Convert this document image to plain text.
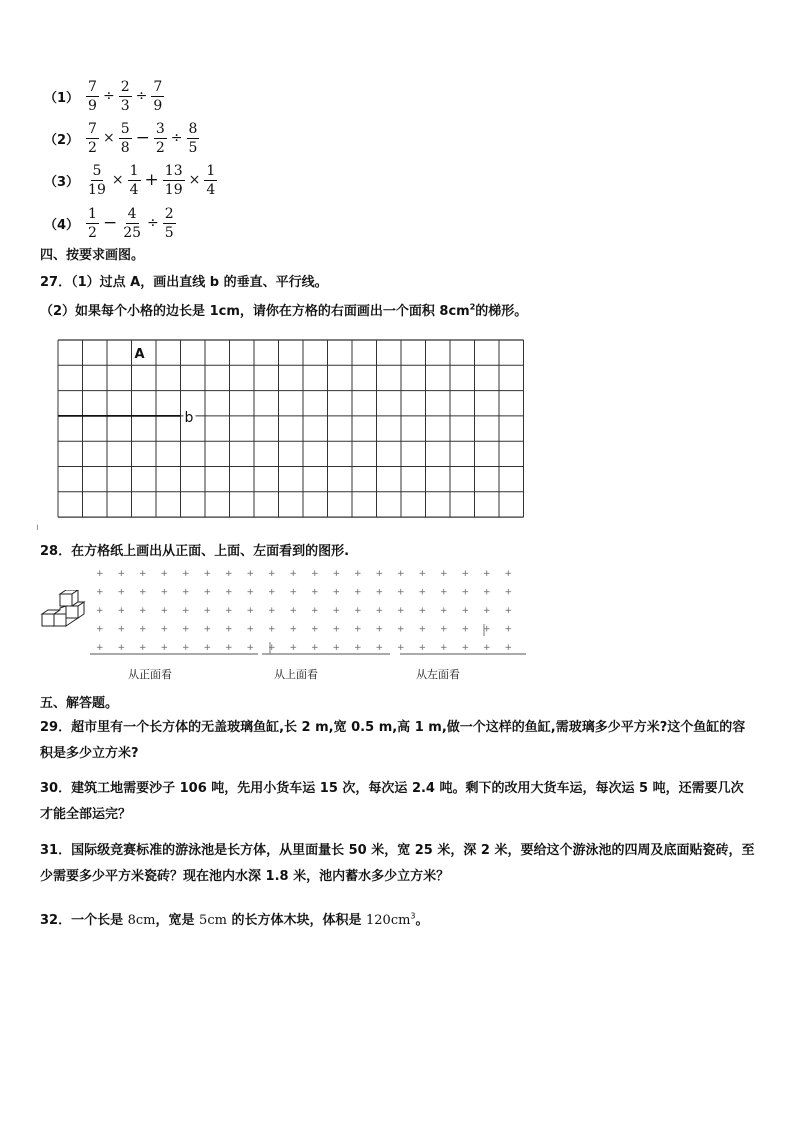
$(1) \frac{7}{9} \div \frac{2}{3} \div \frac{7}{9}$
$(2) \frac{7}{2} \times \frac{5}{8} - \frac{3}{2} \div \frac{8}{5}$
$(3) \frac{5}{19} \times \frac{1}{4} + \frac{13}{19} \times \frac{1}{4}$
$(4) \frac{1}{2} - \frac{4}{25} \div \frac{2}{5}$
四、按要求画图。
27．（1）过点 A，画出直线 b 的垂直、平行线。
（2）如果每个小格的边长是 1cm，请你在方格的右面画出一个面积 $8cm^2$的梯形。
b
A
ı
28．在方格纸上画出从正面、上面、左面看到的图形.
+ + + + + + + + + + + + + + + + + + + +
+ + + + + + + + + + + + + + + + + + + +
+ + + + + + + + + + + + + + + + + + + +
+ + + + + + + + + + + + + + + + + + + +
+ + + + + + + + + + + + + + + + + + + +
从正面看	从上面看	从左面看
五、解答题。
29．超市里有一个长方体的无盖玻璃鱼缸,长 2 m,宽 0.5 m,高 1 m,做一个这样的鱼缸,需玻璃多少平方米?这个鱼缸的容积是多少立方米?
30．建筑工地需要沙子 106 吨，先用小货车运 15 次，每次运 2.4 吨。剩下的改用大货车运，每次运 5 吨，还需要几次才能全部运完？
31．国际级竞赛标准的游泳池是长方体，从里面量长 50 米，宽 25 米，深 2 米，要给这个游泳池的四周及底面贴瓷砖，至少需要多少平方米瓷砖？现在池内水深 1.8 米，池内蓄水多少立方米？
32．一个长是 8cm，宽是 5cm 的长方体木块，体积是 $120cm^3$。
